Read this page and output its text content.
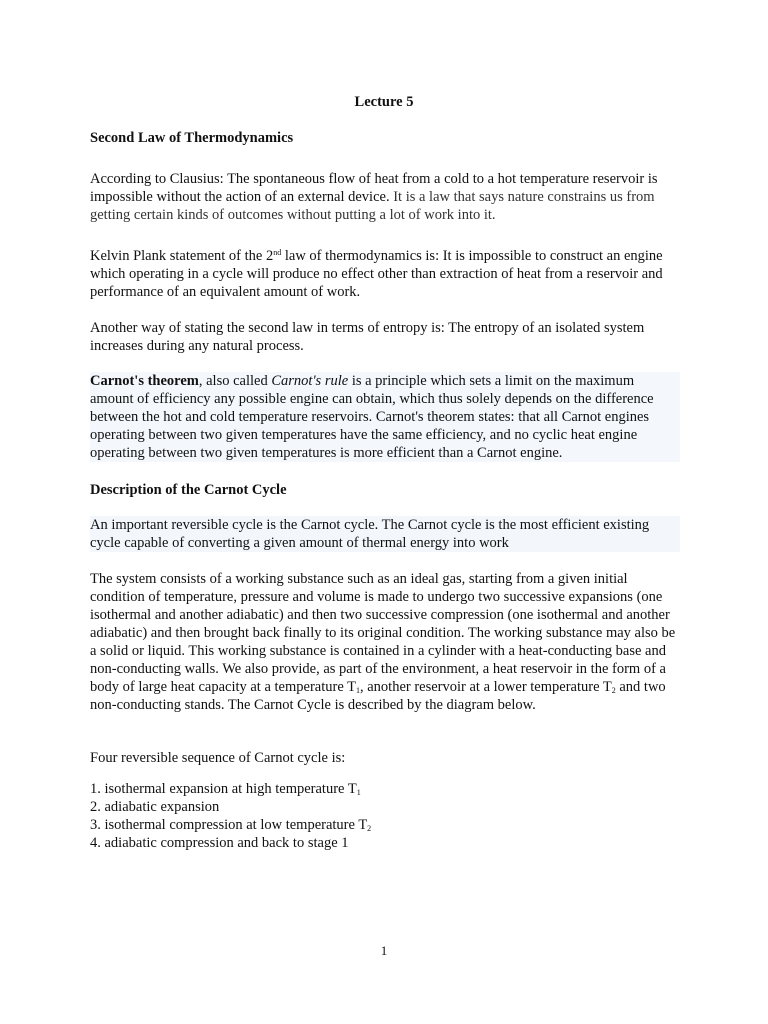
Lecture 5
Second Law of Thermodynamics
According to Clausius: The spontaneous flow of heat from a cold to a hot temperature reservoir is impossible without the action of an external device. It is a law that says nature constrains us from getting certain kinds of outcomes without putting a lot of work into it.
Kelvin Plank statement of the 2nd law of thermodynamics is: It is impossible to construct an engine which operating in a cycle will produce no effect other than extraction of heat from a reservoir and performance of an equivalent amount of work.
Another way of stating the second law in terms of entropy is: The entropy of an isolated system increases during any natural process.
Carnot's theorem, also called Carnot's rule is a principle which sets a limit on the maximum amount of efficiency any possible engine can obtain, which thus solely depends on the difference between the hot and cold temperature reservoirs. Carnot's theorem states: that all Carnot engines operating between two given temperatures have the same efficiency, and no cyclic heat engine operating between two given temperatures is more efficient than a Carnot engine.
Description of the Carnot Cycle
An important reversible cycle is the Carnot cycle. The Carnot cycle is the most efficient existing cycle capable of converting a given amount of thermal energy into work
The system consists of a working substance such as an ideal gas, starting from a given initial condition of temperature, pressure and volume is made to undergo two successive expansions (one isothermal and another adiabatic) and then two successive compression (one isothermal and another adiabatic) and then brought back finally to its original condition. The working substance may also be a solid or liquid. This working substance is contained in a cylinder with a heat-conducting base and non-conducting walls. We also provide, as part of the environment, a heat reservoir in the form of a body of large heat capacity at a temperature $T_1$, another reservoir at a lower temperature $T_2$ and two non-conducting stands. The Carnot Cycle is described by the diagram below.
Four reversible sequence of Carnot cycle is:
1. isothermal expansion at high temperature $T_1$
2. adiabatic expansion
3. isothermal compression at low temperature $T_2$
4. adiabatic compression and back to stage 1
1
